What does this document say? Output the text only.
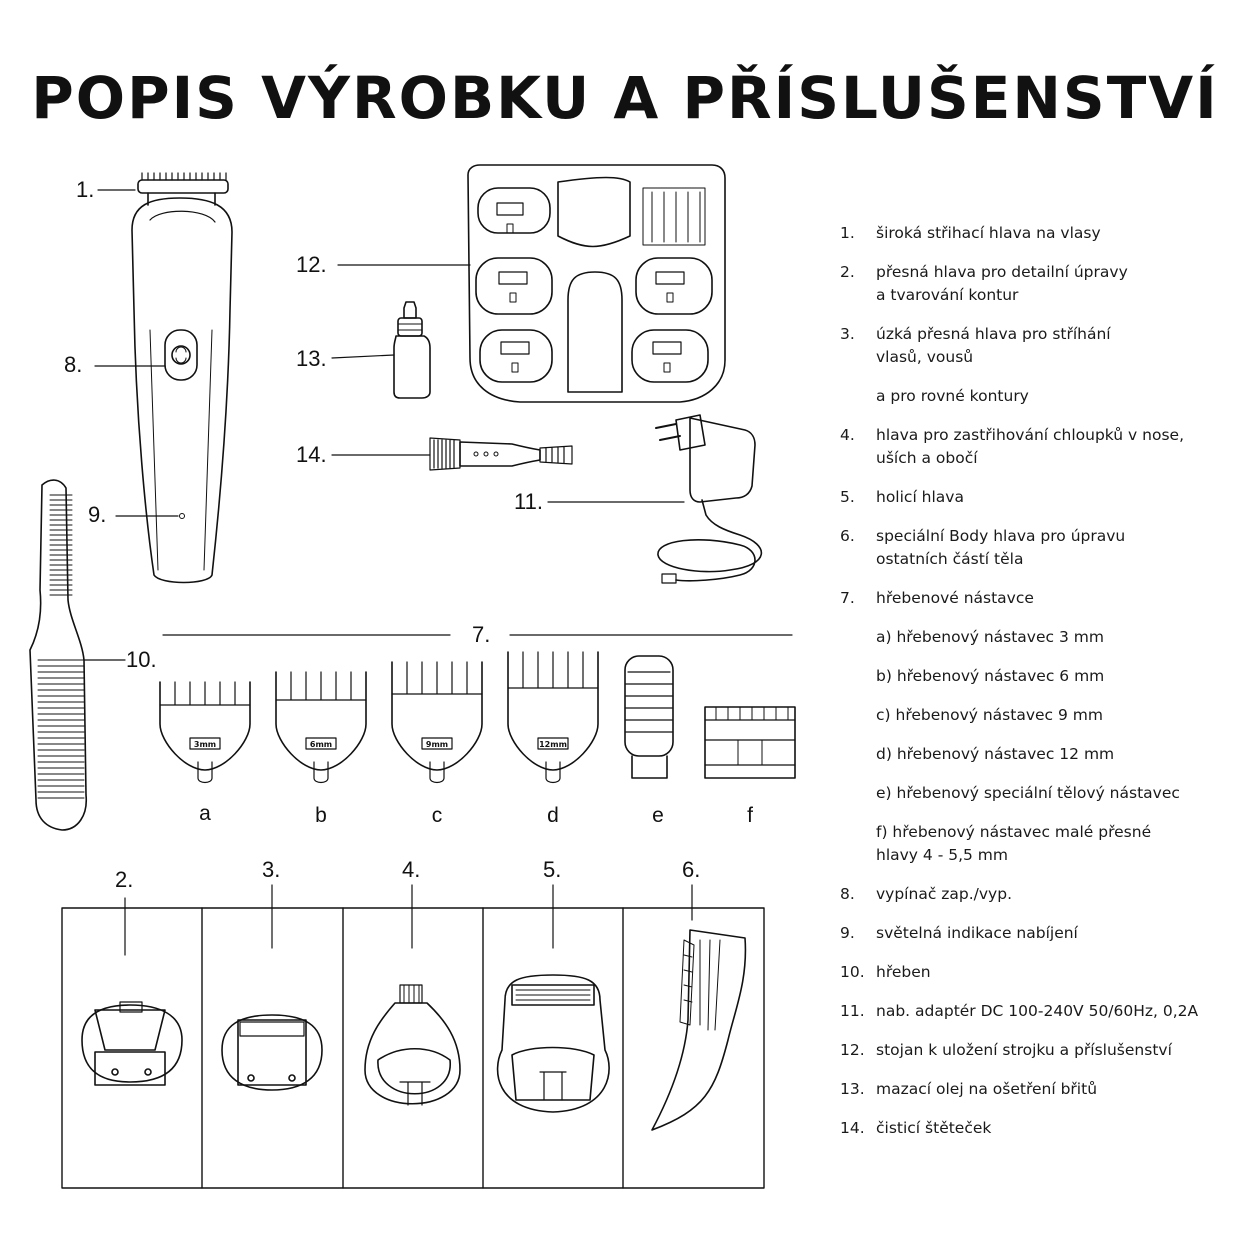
POPIS VÝROBKU A PŘÍSLUŠENSTVÍ
3mm	6mm	9mm	12mm
a	b	c	d	e	f
1.
2.	3.	4.	5.	6.
7.
8.
9.
10.
11.
12.
13.
14.
1.	široká střihací hlava na vlasy
2.	přesná hlava pro detailní úpravy
a tvarování kontur
3.	úzká přesná hlava pro stříhání
vlasů, vousů
a pro rovné kontury
4.	hlava pro zastřihování chloupků v nose,
uších a obočí
5.	holicí hlava
6.	speciální Body hlava pro úpravu
ostatních částí těla
7.	hřebenové nástavce
a) hřebenový nástavec 3 mm
b) hřebenový nástavec 6 mm
c) hřebenový nástavec 9 mm
d) hřebenový nástavec 12 mm
e) hřebenový speciální tělový nástavec
f) hřebenový nástavec malé přesné
hlavy 4 - 5,5 mm
8.	vypínač zap./vyp.
9.	světelná indikace nabíjení
10. hřeben
11. nab. adaptér DC 100-240V 50/60Hz, 0,2A
12. stojan k uložení strojku a příslušenství
13. mazací olej na ošetření břitů
14. čisticí štěteček
